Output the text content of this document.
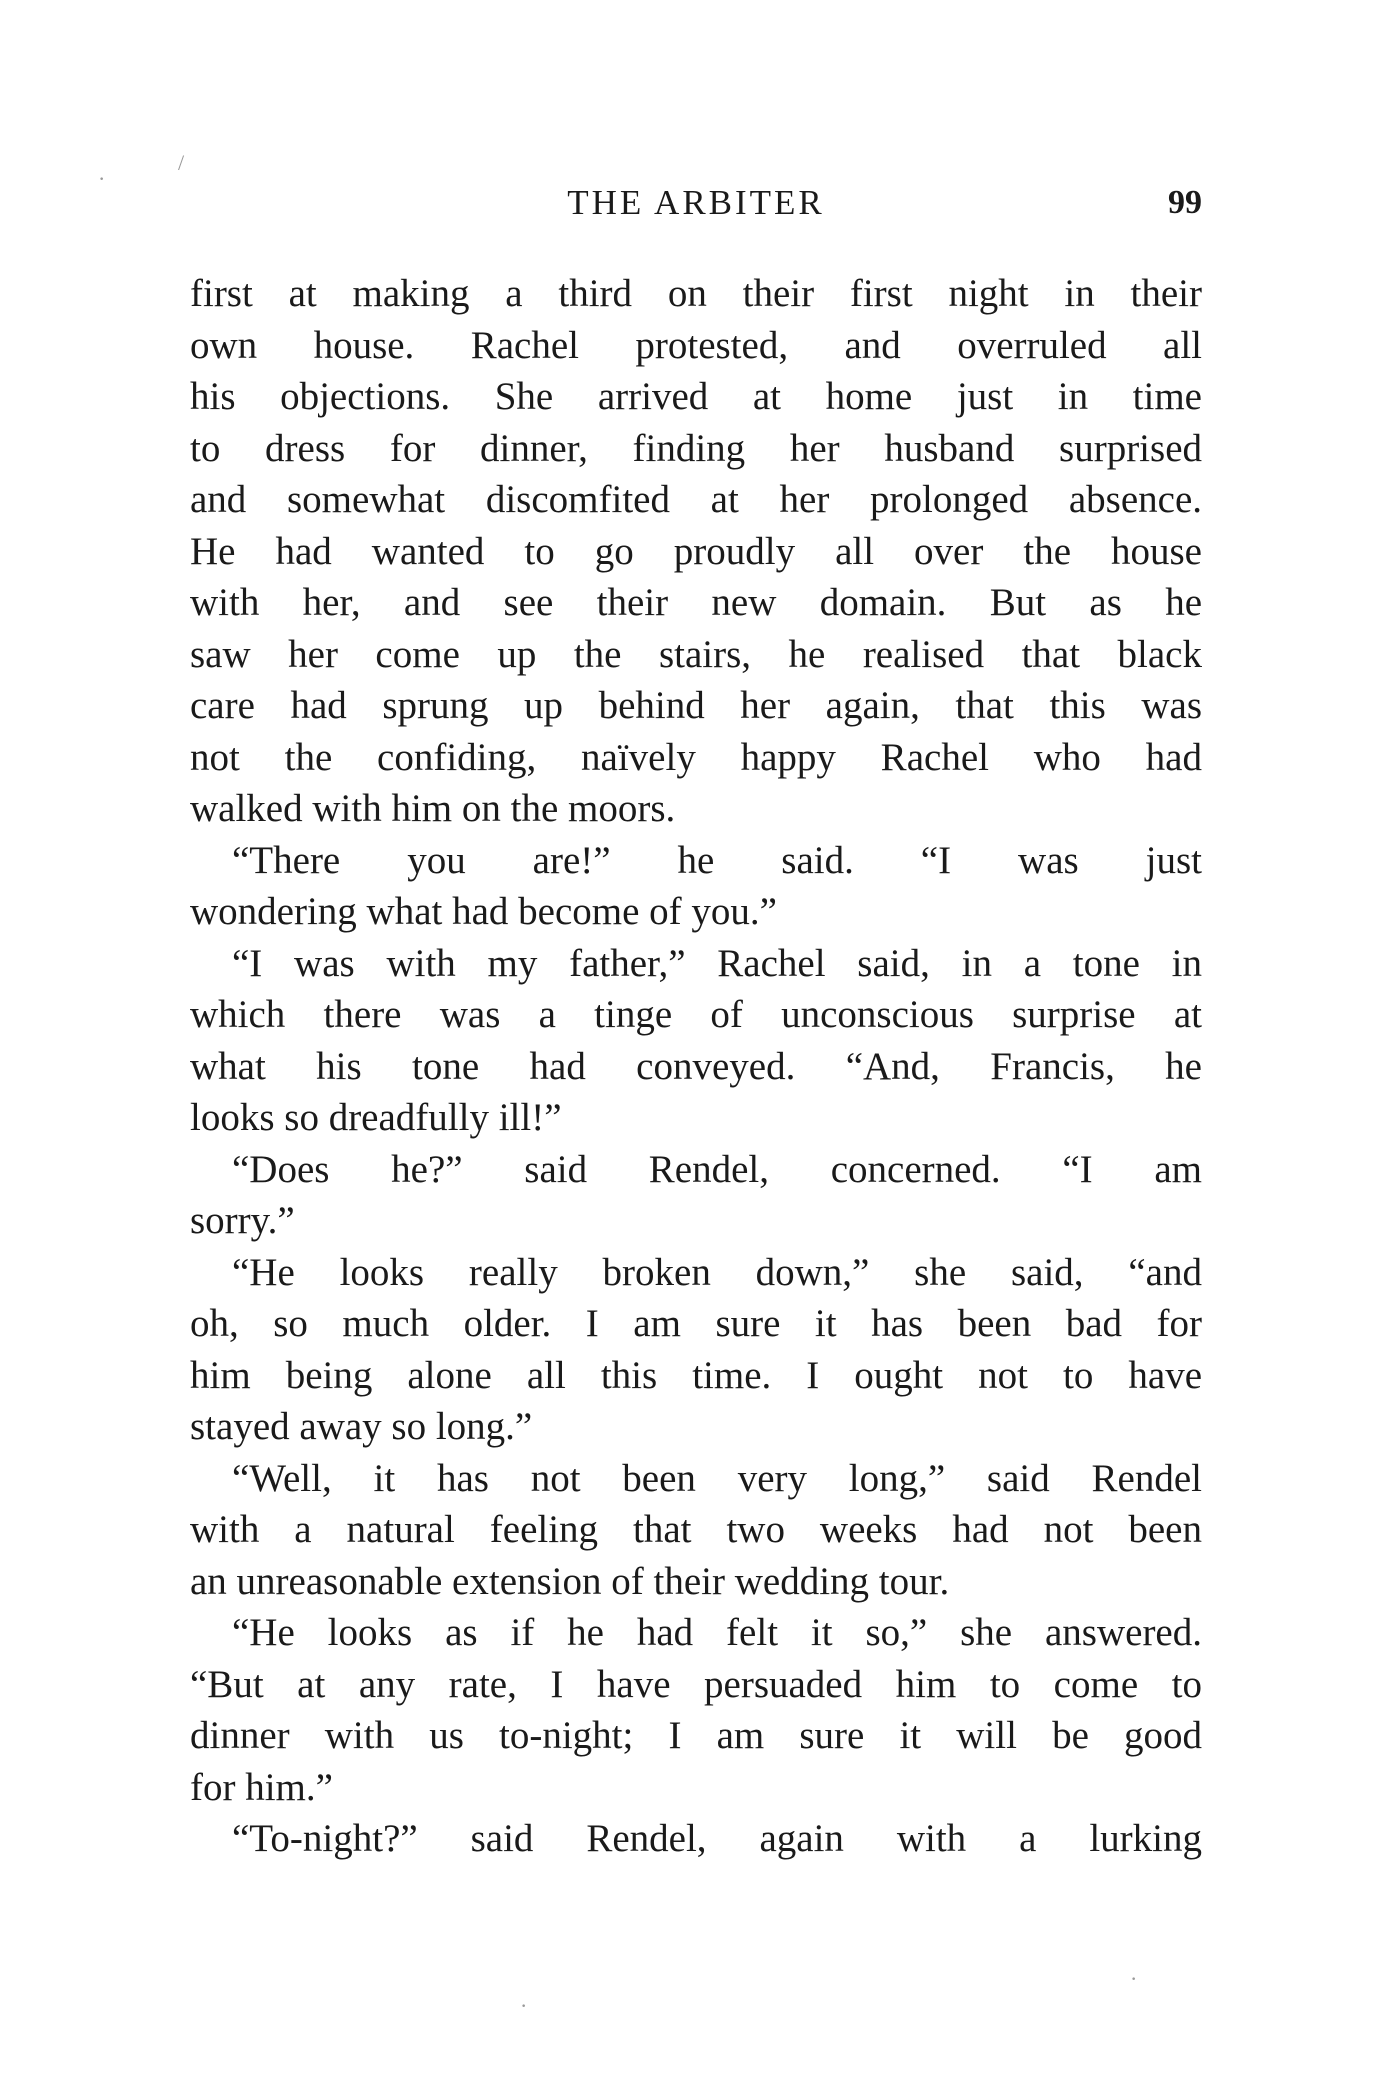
/
·
THE ARBITER	99
first at making a third on their first night in their
own house. Rachel protested, and overruled all
his objections. She arrived at home just in time
to dress for dinner, finding her husband surprised
and somewhat discomfited at her prolonged absence.
He had wanted to go proudly all over the house
with her, and see their new domain. But as he
saw her come up the stairs, he realised that black
care had sprung up behind her again, that this was
not the confiding, naïvely happy Rachel who had
walked with him on the moors.
“There you are!” he said. “I was just
wondering what had become of you.”
“I was with my father,” Rachel said, in a tone in
which there was a tinge of unconscious surprise at
what his tone had conveyed. “And, Francis, he
looks so dreadfully ill!”
“Does he?” said Rendel, concerned. “I am
sorry.”
“He looks really broken down,” she said, “and
oh, so much older. I am sure it has been bad for
him being alone all this time. I ought not to have
stayed away so long.”
“Well, it has not been very long,” said Rendel
with a natural feeling that two weeks had not been
an unreasonable extension of their wedding tour.
“He looks as if he had felt it so,” she answered.
“But at any rate, I have persuaded him to come to
dinner with us to-night; I am sure it will be good
for him.”
“To-night?” said Rendel, again with a lurking
·
·
